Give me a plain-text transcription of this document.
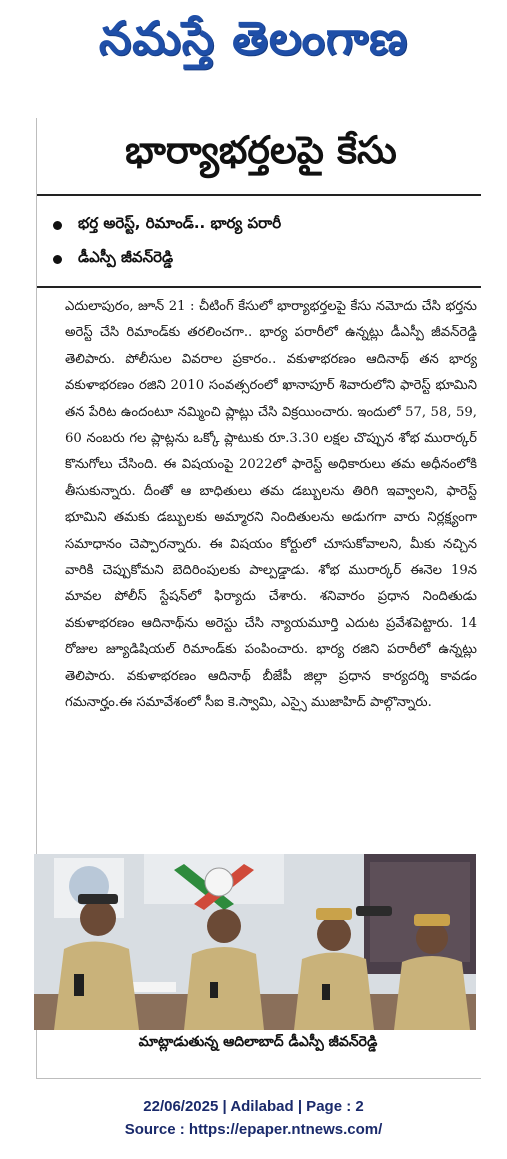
నమస్తే తెలంగాణ
భార్యాభర్తలపై కేసు
భర్త అరెస్ట్, రిమాండ్.. భార్య పరారీ
డీఎస్పీ జీవన్‌రెడ్డి
ఎదులాపురం, జూన్ 21 : చీటింగ్ కేసులో భార్యాభర్తలపై కేసు నమోదు చేసి భర్తను అరెస్ట్ చేసి రిమాండ్‌కు తరలించగా.. భార్య పరారీలో ఉన్నట్లు డీఎస్పీ జీవన్‌రెడ్డి తెలిపారు. పోలీసుల వివరాల ప్రకారం.. వకుళాభరణం ఆదినాథ్ తన భార్య వకుళాభరణం రజిని 2010 సంవత్సరంలో ఖానాపూర్ శివారులోని ఫారెస్ట్ భూమిని తన పేరిట ఉందంటూ నమ్మించి ప్లాట్లు చేసి విక్రయించారు. ఇందులో 57, 58, 59, 60 నంబరు గల ప్లాట్లను ఒక్కో ప్లాటుకు రూ.3.30 లక్షల చొప్పున శోభ మురార్కర్ కొనుగోలు చేసింది. ఈ విషయంపై 2022లో ఫారెస్ట్ అధికారులు తమ అధీనంలోకి తీసుకున్నారు. దీంతో ఆ బాధితులు తమ డబ్బులను తిరిగి ఇవ్వాలని, ఫారెస్ట్ భూమిని తమకు డబ్బులకు అమ్మారని నిందితులను అడుగగా వారు నిర్లక్ష్యంగా సమాధానం చెప్పారన్నారు. ఈ విషయం కోర్టులో చూసుకోవాలని, మీకు నచ్చిన వారికి చెప్పుకోమని బెదిరింపులకు పాల్పడ్డాడు. శోభ మురార్కర్ ఈనెల 19న మావల పోలీస్ స్టేషన్‌లో ఫిర్యాదు చేశారు. శనివారం ప్రధాన నిందితుడు వకుళాభరణం ఆదినాథ్‌ను అరెస్టు చేసి న్యాయమూర్తి ఎదుట ప్రవేశపెట్టారు. 14 రోజుల జ్యూడిషియల్ రిమాండ్‌కు పంపించారు. భార్య రజిని పరారీలో ఉన్నట్లు తెలిపారు. వకుళాభరణం ఆదినాథ్ బీజేపీ జిల్లా ప్రధాన కార్యదర్శి కావడం గమనార్హం.ఈ సమావేశంలో సీఐ కె.స్వామి, ఎస్సై ముజాహిద్ పాల్గొన్నారు.
మాట్లాడుతున్న ఆదిలాబాద్ డీఎస్పీ జీవన్‌రెడ్డి
22/06/2025 | Adilabad | Page : 2
Source : https://epaper.ntnews.com/
